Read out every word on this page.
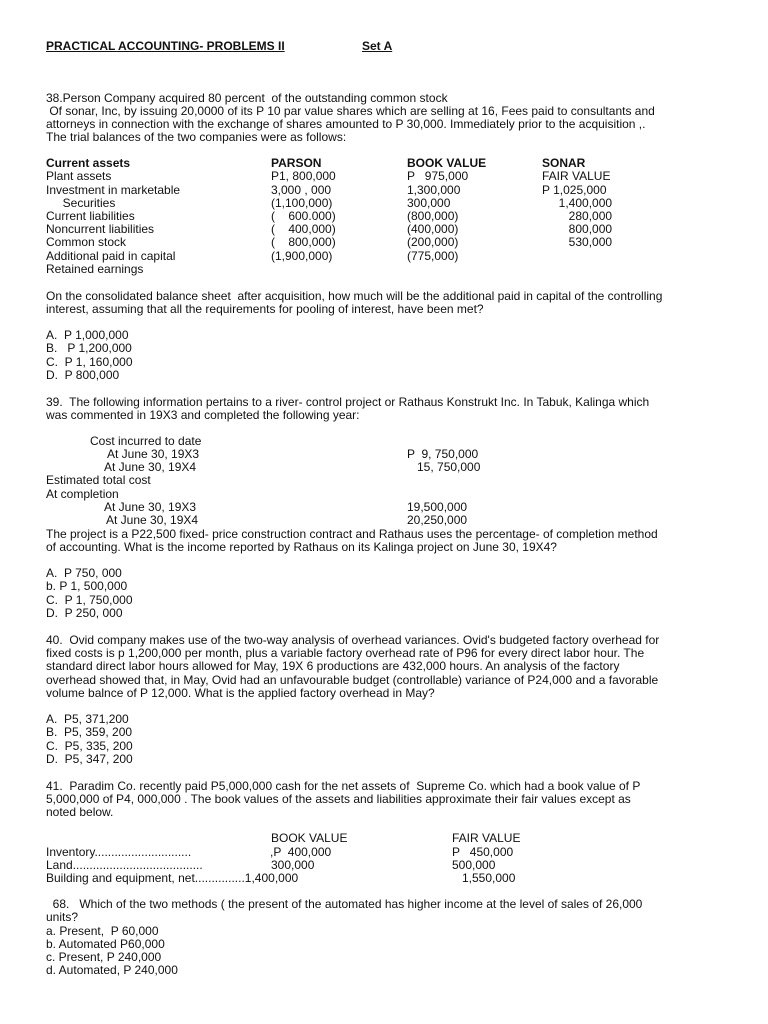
PRACTICAL ACCOUNTING- PROBLEMS II	Set A
38.Person Company acquired 80 percent  of the outstanding common stock
Of sonar, Inc, by issuing 20,0000 of its P 10 par value shares which are selling at 16, Fees paid to consultants and
attorneys in connection with the exchange of shares amounted to P 30,000. Immediately prior to the acquisition ,.
The trial balances of the two companies were as follows:
Current assets	PARSON	BOOK VALUE	SONAR
Plant assets	P1, 800,000	P   975,000	FAIR VALUE
Investment in marketable	3,000 , 000	1,300,000	P 1,025,000
Securities	(1,100,000)	300,000	1,400,000
Current liabilities	(    600.000)	(800,000)	280,000
Noncurrent liabilities	(    400,000)	(400,000)	800,000
Common stock	(    800,000)	(200,000)	530,000
Additional paid in capital	(1,900,000)	(775,000)
Retained earnings
On the consolidated balance sheet  after acquisition, how much will be the additional paid in capital of the controlling
interest, assuming that all the requirements for pooling of interest, have been met?
A.  P 1,000,000
B.   P 1,200,000
C.  P 1, 160,000
D.  P 800,000
39.  The following information pertains to a river- control project or Rathaus Konstrukt Inc. In Tabuk, Kalinga which
was commented in 19X3 and completed the following year:
Cost incurred to date
At June 30, 19X3	P  9, 750,000
At June 30, 19X4	15, 750,000
Estimated total cost
At completion
At June 30, 19X3	19,500,000
At June 30, 19X4	20,250,000
The project is a P22,500 fixed- price construction contract and Rathaus uses the percentage- of completion method
of accounting. What is the income reported by Rathaus on its Kalinga project on June 30, 19X4?
A.  P 750, 000
b. P 1, 500,000
C.  P 1, 750,000
D.  P 250, 000
40.  Ovid company makes use of the two-way analysis of overhead variances. Ovid's budgeted factory overhead for
fixed costs is p 1,200,000 per month, plus a variable factory overhead rate of P96 for every direct labor hour. The
standard direct labor hours allowed for May, 19X 6 productions are 432,000 hours. An analysis of the factory
overhead showed that, in May, Ovid had an unfavourable budget (controllable) variance of P24,000 and a favorable
volume balnce of P 12,000. What is the applied factory overhead in May?
A.  P5, 371,200
B.  P5, 359, 200
C.  P5, 335, 200
D.  P5, 347, 200
41.  Paradim Co. recently paid P5,000,000 cash for the net assets of  Supreme Co. which had a book value of P
5,000,000 of P4, 000,000 . The book values of the assets and liabilities approximate their fair values except as
noted below.
BOOK VALUE	FAIR VALUE
Inventory.............................	,P  400,000	P   450,000
Land.......................................	300,000	500,000
Building and equipment, net...............1,400,000	1,550,000
68.   Which of the two methods ( the present of the automated has higher income at the level of sales of 26,000
units?
a. Present,  P 60,000
b. Automated P60,000
c. Present, P 240,000
d. Automated, P 240,000
